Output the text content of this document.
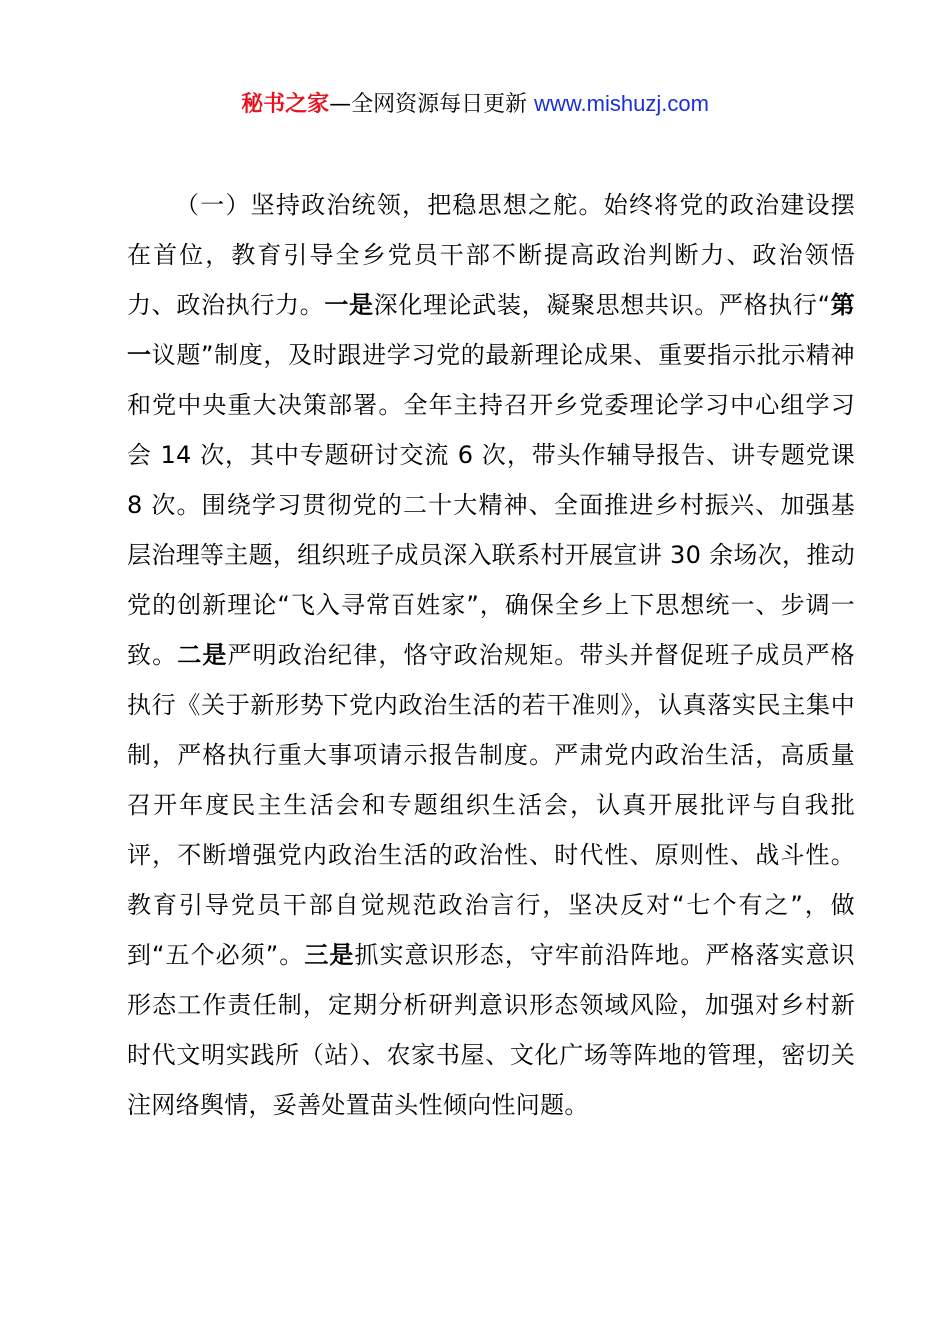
秘书之家—全网资源每日更新 www.mishuzj.com

（一）坚持政治统领，把稳思想之舵。始终将党的政治建设摆在首位，教育引导全乡党员干部不断提高政治判断力、政治领悟力、政治执行力。一是深化理论武装，凝聚思想共识。严格执行“第一议题”制度，及时跟进学习党的最新理论成果、重要指示批示精神和党中央重大决策部署。全年主持召开乡党委理论学习中心组学习会 14 次，其中专题研讨交流 6 次，带头作辅导报告、讲专题党课 8 次。围绕学习贯彻党的二十大精神、全面推进乡村振兴、加强基层治理等主题，组织班子成员深入联系村开展宣讲 30 余场次，推动党的创新理论“飞入寻常百姓家”，确保全乡上下思想统一、步调一致。二是严明政治纪律，恪守政治规矩。带头并督促班子成员严格执行《关于新形势下党内政治生活的若干准则》，认真落实民主集中制，严格执行重大事项请示报告制度。严肃党内政治生活，高质量召开年度民主生活会和专题组织生活会，认真开展批评与自我批评，不断增强党内政治生活的政治性、时代性、原则性、战斗性。教育引导党员干部自觉规范政治言行，坚决反对“七个有之”，做到“五个必须”。三是抓实意识形态，守牢前沿阵地。严格落实意识形态工作责任制，定期分析研判意识形态领域风险，加强对乡村新时代文明实践所（站）、农家书屋、文化广场等阵地的管理，密切关注网络舆情，妥善处置苗头性倾向性问题。
